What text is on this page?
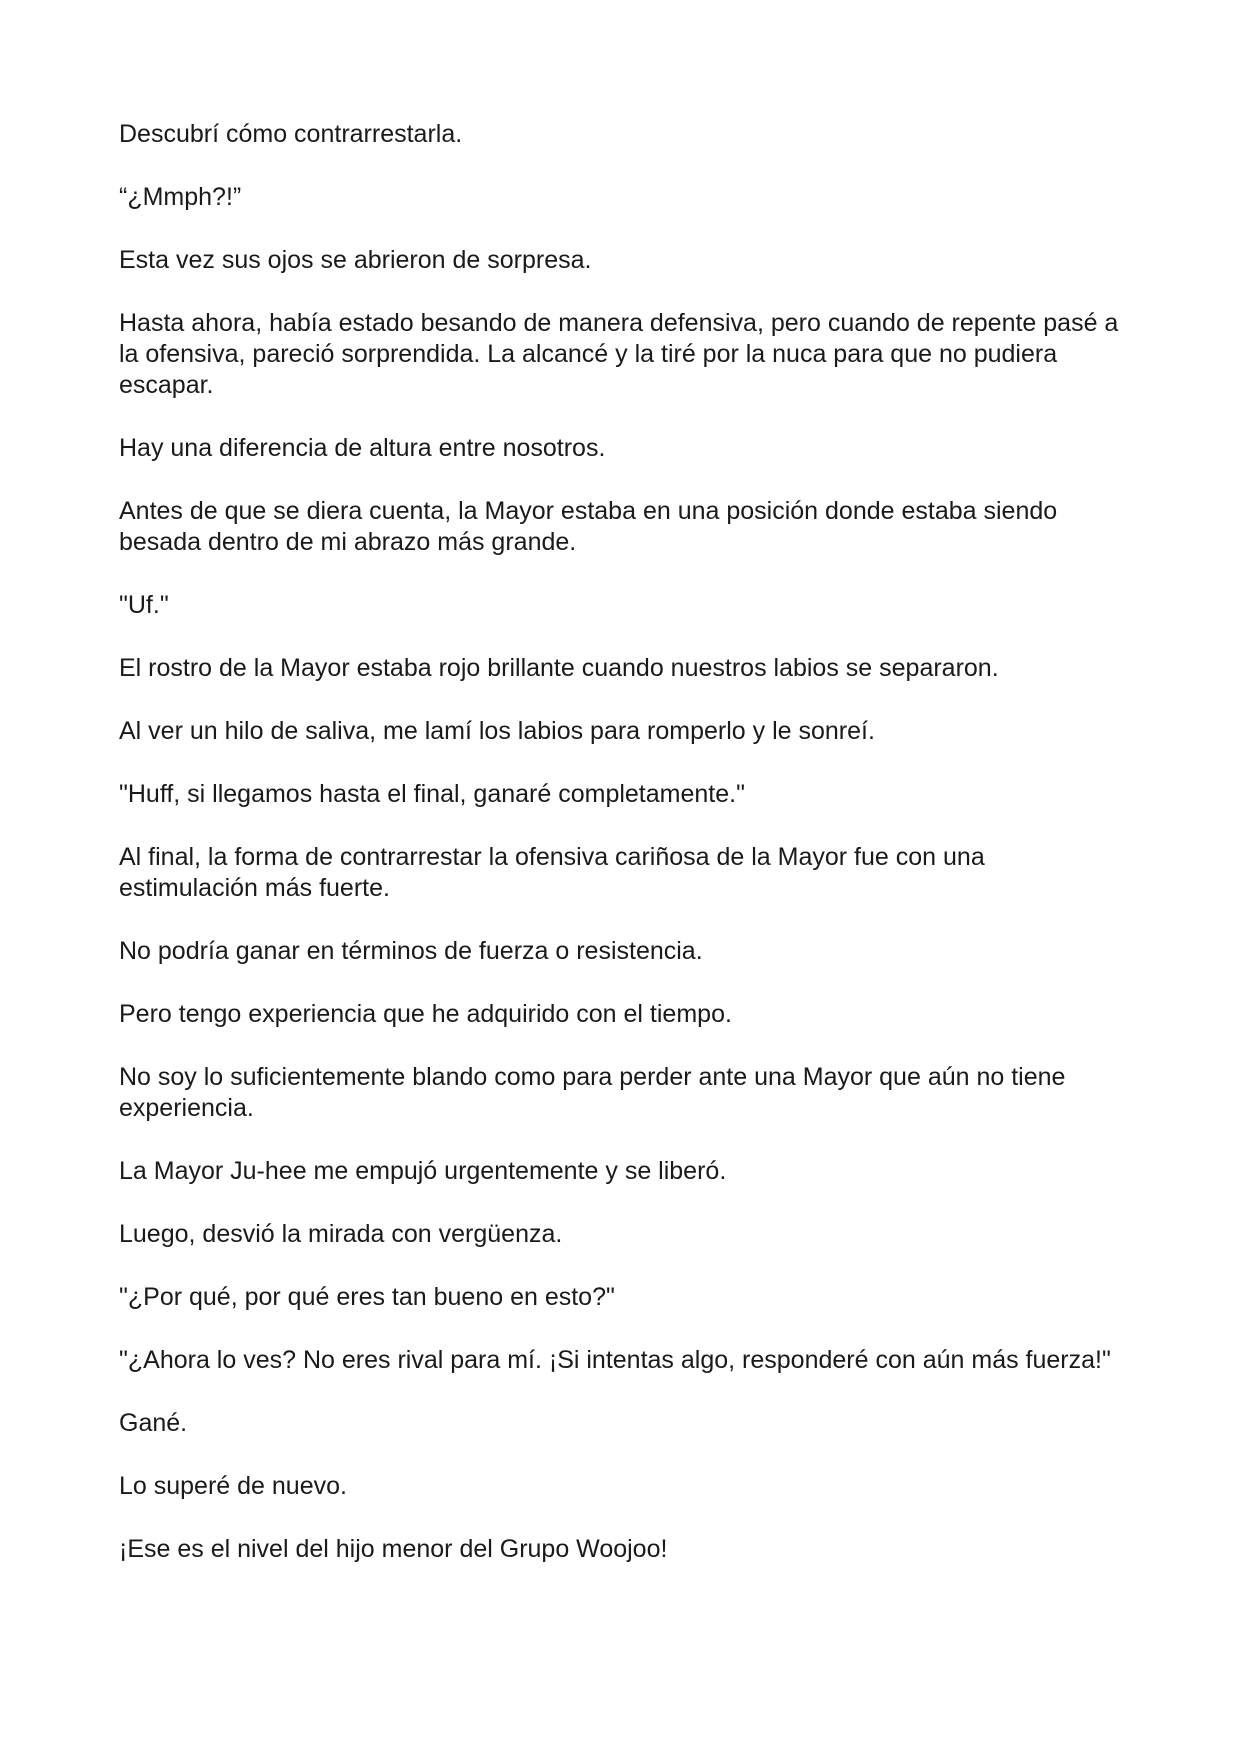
Descubrí cómo contrarrestarla.

“¿Mmph?!”

Esta vez sus ojos se abrieron de sorpresa.

Hasta ahora, había estado besando de manera defensiva, pero cuando de repente pasé a la ofensiva, pareció sorprendida. La alcancé y la tiré por la nuca para que no pudiera escapar.

Hay una diferencia de altura entre nosotros.

Antes de que se diera cuenta, la Mayor estaba en una posición donde estaba siendo besada dentro de mi abrazo más grande.

"Uf."

El rostro de la Mayor estaba rojo brillante cuando nuestros labios se separaron.

Al ver un hilo de saliva, me lamí los labios para romperlo y le sonreí.

"Huff, si llegamos hasta el final, ganaré completamente."

Al final, la forma de contrarrestar la ofensiva cariñosa de la Mayor fue con una estimulación más fuerte.

No podría ganar en términos de fuerza o resistencia.

Pero tengo experiencia que he adquirido con el tiempo.

No soy lo suficientemente blando como para perder ante una Mayor que aún no tiene experiencia.

La Mayor Ju-hee me empujó urgentemente y se liberó.

Luego, desvió la mirada con vergüenza.

"¿Por qué, por qué eres tan bueno en esto?"

"¿Ahora lo ves? No eres rival para mí. ¡Si intentas algo, responderé con aún más fuerza!"

Gané.

Lo superé de nuevo.

¡Ese es el nivel del hijo menor del Grupo Woojoo!
